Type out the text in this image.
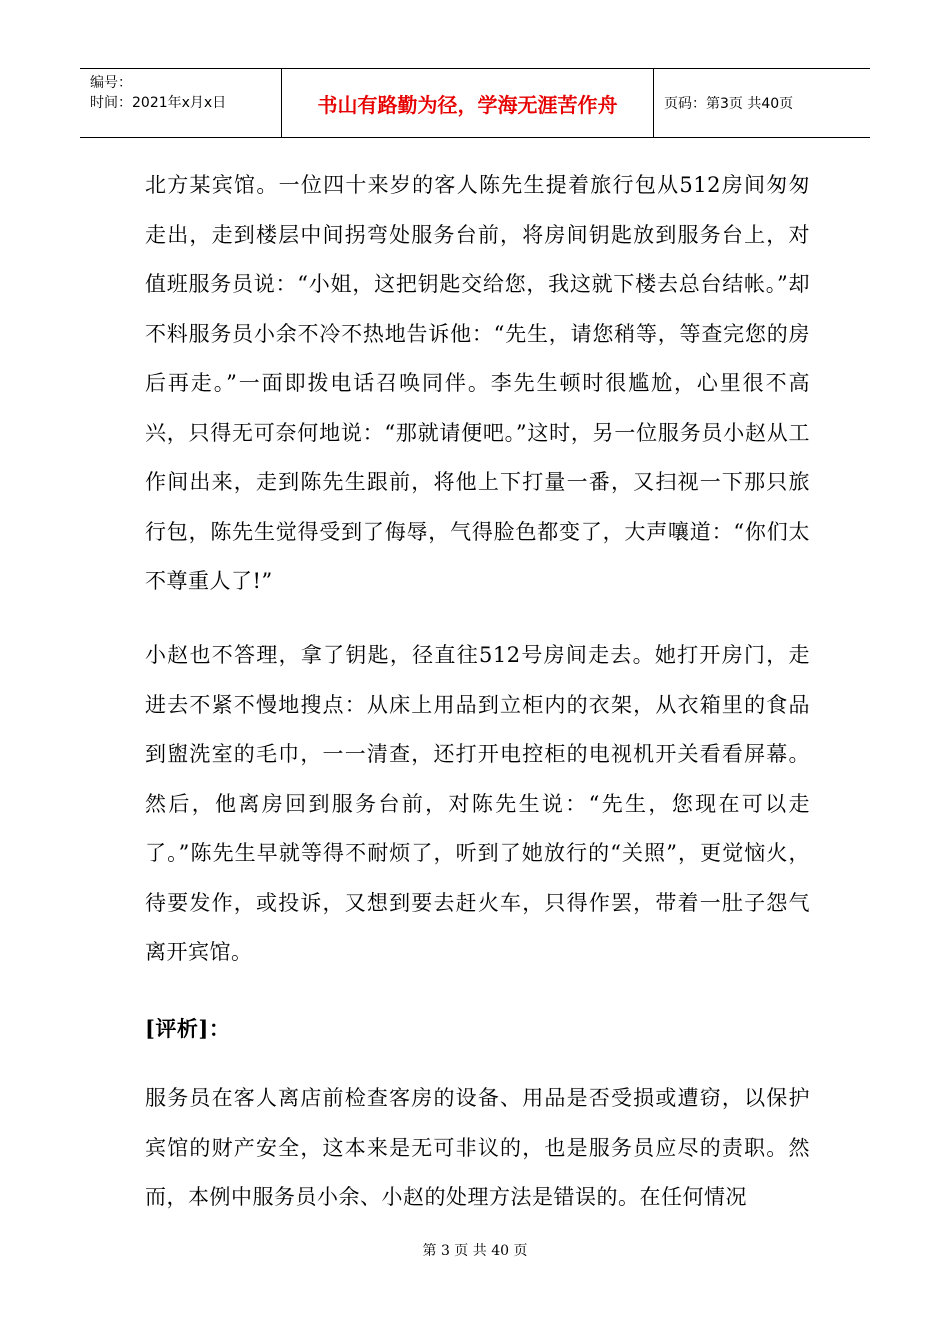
编号：
时间：2021年x月x日	书山有路勤为径，学海无涯苦作舟	页码：第3页 共40页

北方某宾馆。一位四十来岁的客人陈先生提着旅行包从512房间匆匆走出，走到楼层中间拐弯处服务台前，将房间钥匙放到服务台上，对值班服务员说：“小姐，这把钥匙交给您，我这就下楼去总台结帐。”却不料服务员小余不冷不热地告诉他：“先生，请您稍等，等查完您的房后再走。”一面即拨电话召唤同伴。李先生顿时很尴尬，心里很不高兴，只得无可奈何地说：“那就请便吧。”这时，另一位服务员小赵从工作间出来，走到陈先生跟前，将他上下打量一番，又扫视一下那只旅行包，陈先生觉得受到了侮辱，气得脸色都变了，大声嚷道：“你们太不尊重人了!”

小赵也不答理，拿了钥匙，径直往512号房间走去。她打开房门，走进去不紧不慢地搜点：从床上用品到立柜内的衣架，从衣箱里的食品到盥洗室的毛巾，一一清查，还打开电控柜的电视机开关看看屏幕。然后，他离房回到服务台前，对陈先生说：“先生，您现在可以走了。”陈先生早就等得不耐烦了，听到了她放行的“关照”，更觉恼火，待要发作，或投诉，又想到要去赶火车，只得作罢，带着一肚子怨气离开宾馆。

[评析]：

服务员在客人离店前检查客房的设备、用品是否受损或遭窃，以保护宾馆的财产安全，这本来是无可非议的，也是服务员应尽的责职。然而，本例中服务员小余、小赵的处理方法是错误的。在任何情况

第 3 页 共 40 页
